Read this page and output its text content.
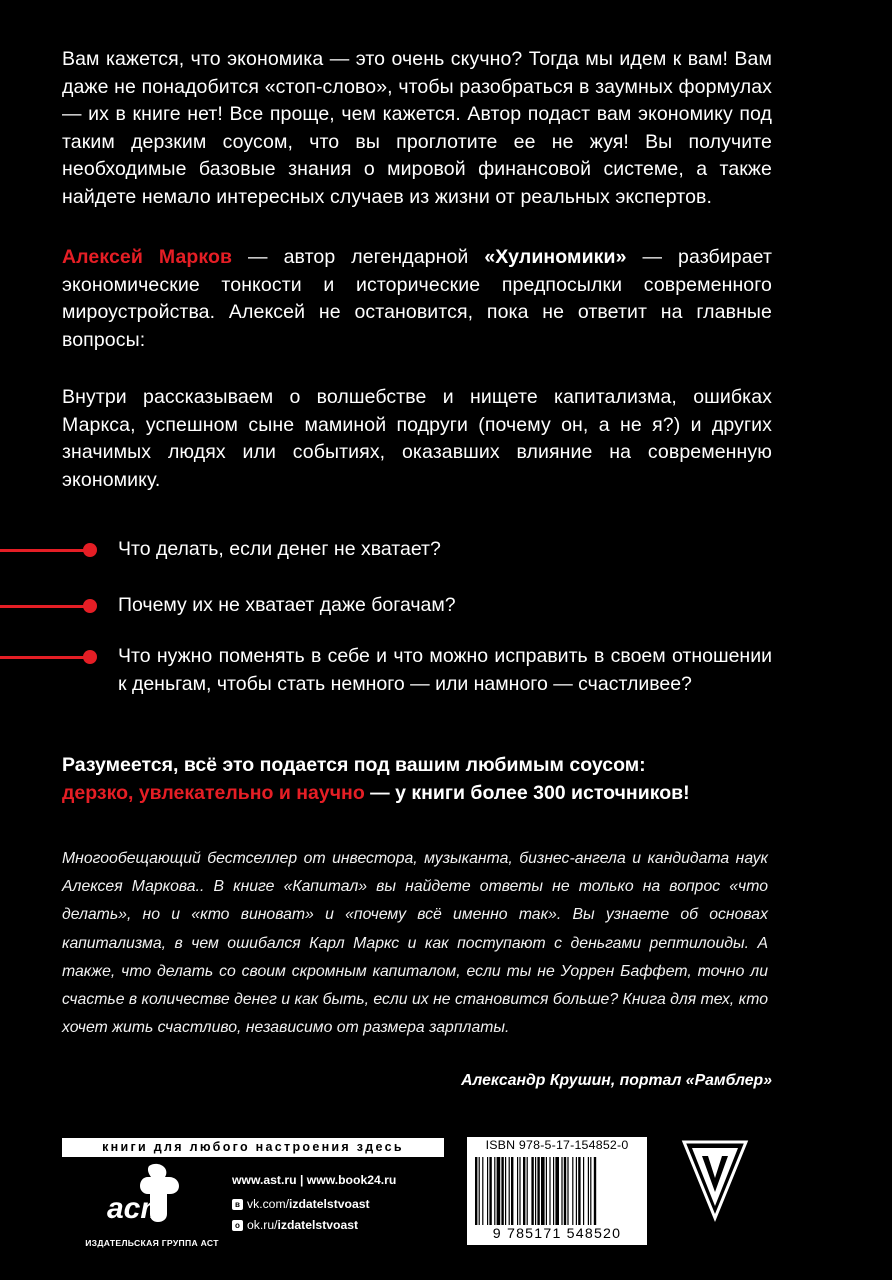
Вам кажется, что экономика — это очень скучно? Тогда мы идем к вам! Вам даже не понадобится «стоп-слово», чтобы разобраться в заумных формулах — их в книге нет! Все проще, чем кажется. Автор подаст вам экономику под таким дерзким соусом, что вы проглотите ее не жуя! Вы получите необходимые базовые знания о мировой финансовой системе, а также найдете немало интересных случаев из жизни от реальных экспертов.
Алексей Марков — автор легендарной «Хулиномики» — разбирает экономические тонкости и исторические предпосылки современного мироустройства. Алексей не остановится, пока не ответит на главные вопросы:
Внутри рассказываем о волшебстве и нищете капитализма, ошибках Маркса, успешном сыне маминой подруги (почему он, а не я?) и других значимых людях или событиях, оказавших влияние на современную экономику.
Что делать, если денег не хватает?
Почему их не хватает даже богачам?
Что нужно поменять в себе и что можно исправить в своем отношении к деньгам, чтобы стать немного — или намного — счастливее?
Разумеется, всё это подается под вашим любимым соусом:
дерзко, увлекательно и научно — у книги более 300 источников!
Многообещающий бестселлер от инвестора, музыканта, бизнес-ангела и кандидата наук Алексея Маркова.. В книге «Капитал» вы найдете ответы не только на вопрос «что делать», но и «кто виноват» и «почему всё именно так». Вы узнаете об основах капитализма, в чем ошибался Карл Маркс и как поступают с деньгами рептилоиды. А также, что делать со своим скромным капиталом, если ты не Уоррен Баффет, точно ли счастье в количестве денег и как быть, если их не становится больше? Книга для тех, кто хочет жить счастливо, независимо от размера зарплаты.
Александр Крушин, портал «Рамблер»
книги для любого настроения здесь
аст
ИЗДАТЕЛЬСКАЯ ГРУППА АСТ
www.ast.ru | www.book24.ru
в vk.com/ izdatelstvoast
о ok.ru/ izdatelstvoast
ISBN 978-5-17-154852-0
9 785171 548520
